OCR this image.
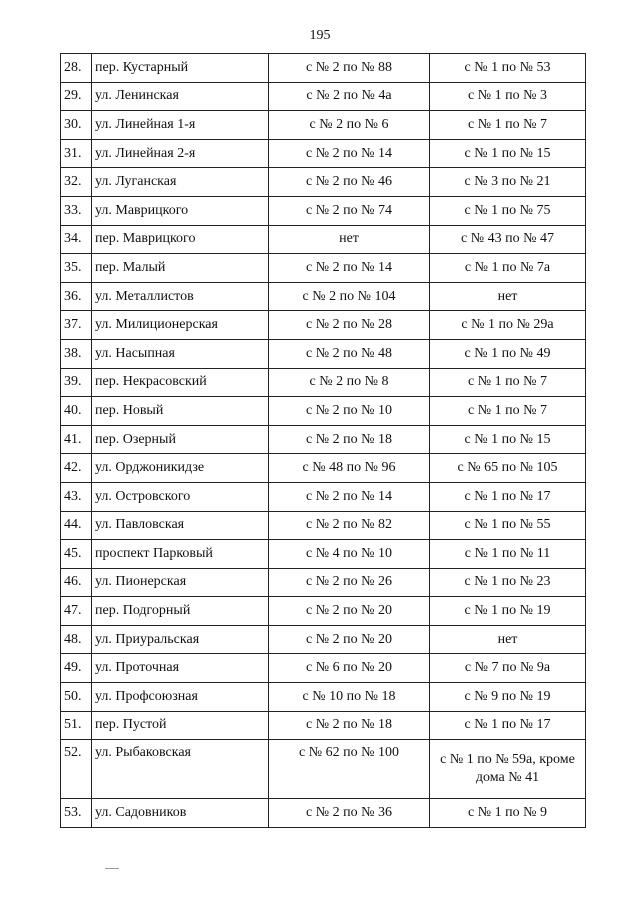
195
28.	пер. Кустарный	с № 2 по № 88	с № 1 по № 53
29.	ул. Ленинская	с № 2 по № 4а	с № 1 по № 3
30.	ул. Линейная 1-я	с № 2 по № 6	с № 1 по № 7
31.	ул. Линейная 2-я	с № 2 по № 14	с № 1 по № 15
32.	ул. Луганская	с № 2 по № 46	с № 3 по № 21
33.	ул. Маврицкого	с № 2 по № 74	с № 1 по № 75
34.	пер. Маврицкого	нет	с № 43 по № 47
35.	пер. Малый	с № 2 по № 14	с № 1 по № 7а
36.	ул. Металлистов	с № 2 по № 104	нет
37.	ул. Милиционерская	с № 2 по № 28	с № 1 по № 29а
38.	ул. Насыпная	с № 2 по № 48	с № 1 по № 49
39.	пер. Некрасовский	с № 2 по № 8	с № 1 по № 7
40.	пер. Новый	с № 2 по № 10	с № 1 по № 7
41.	пер. Озерный	с № 2 по № 18	с № 1 по № 15
42.	ул. Орджоникидзе	с № 48 по № 96	с № 65 по № 105
43.	ул. Островского	с № 2 по № 14	с № 1 по № 17
44.	ул. Павловская	с № 2 по № 82	с № 1 по № 55
45.	проспект Парковый	с № 4 по № 10	с № 1 по № 11
46.	ул. Пионерская	с № 2 по № 26	с № 1 по № 23
47.	пер. Подгорный	с № 2 по № 20	с № 1 по № 19
48.	ул. Приуральская	с № 2 по № 20	нет
49.	ул. Проточная	с № 6 по № 20	с № 7 по № 9а
50.	ул. Профсоюзная	с № 10 по № 18	с № 9 по № 19
51.	пер. Пустой	с № 2 по № 18	с № 1 по № 17
52.	ул. Рыбаковская	с № 62 по № 100	с № 1 по № 59а, кроме дома № 41
53.	ул. Садовников	с № 2 по № 36	с № 1 по № 9
